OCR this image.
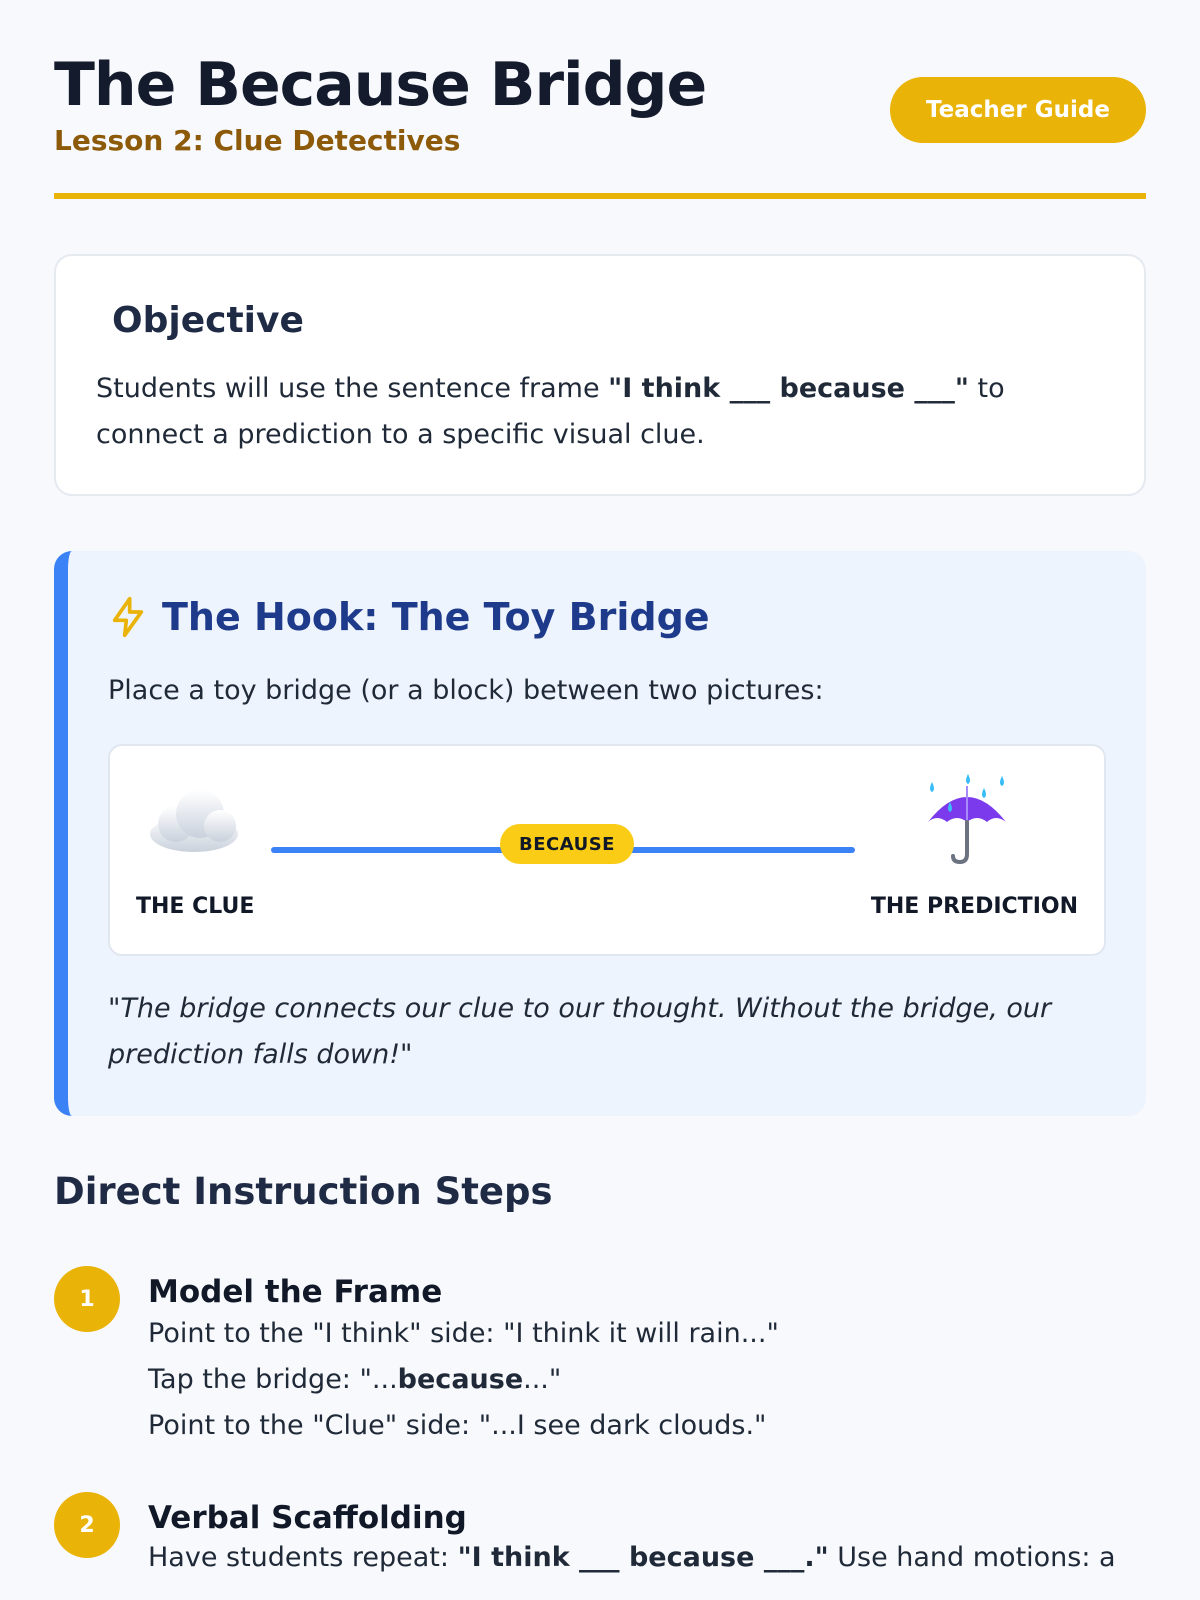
The Because Bridge
Lesson 2: Clue Detectives
Teacher Guide
Objective

Students will use the sentence frame "I think ___ because ___" to connect a prediction to a specific visual clue.

The Hook: The Toy Bridge

Place a toy bridge (or a block) between two pictures:

BECAUSE
THE CLUE	THE PREDICTION

"The bridge connects our clue to our thought. Without the bridge, our prediction falls down!"

Direct Instruction Steps
1	Model the Frame
Point to the "I think" side: "I think it will rain..."
Tap the bridge: "...because..."
Point to the "Clue" side: "...I see dark clouds."
2	Verbal Scaffolding
Have students repeat: "I think ___ because ___." Use hand motions: a
